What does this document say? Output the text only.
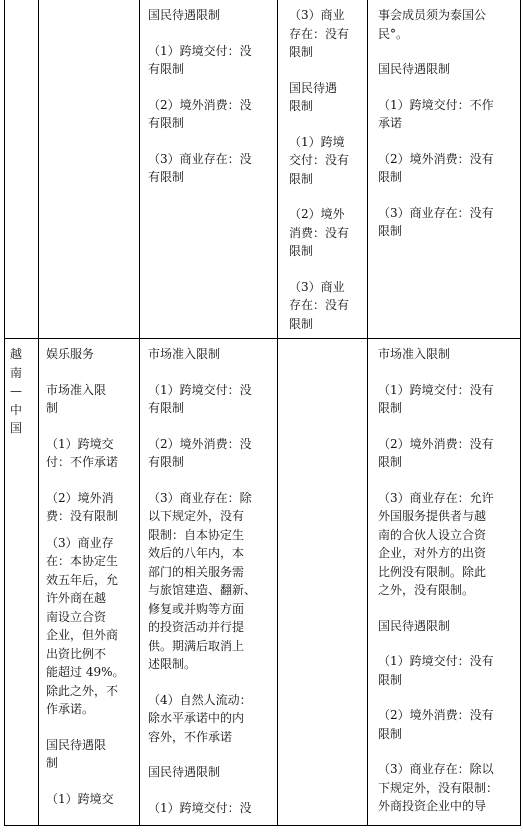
国民待遇限制

（1）跨境交付：没
有限制

（2）境外消费：没
有限制

（3）商业存在：没
有限制

（3）商业
存在：没有
限制

国民待遇
限制

（1）跨境
交付：没有
限制

（2）境外
消费：没有
限制

（3）商业
存在：没有
限制

事会成员须为泰国公
民°。

国民待遇限制

（1）跨境交付：不作
承诺

（2）境外消费：没有
限制

（3）商业存在：没有
限制

越
南
—
中
国

娱乐服务

市场准入限
制

（1）跨境交
付：不作承诺

（2）境外消
费：没有限制

（3）商业存
在：本协定生
效五年后，允
许外商在越
南设立合资
企业，但外商
出资比例不
能超过 49%。
除此之外，不
作承诺。

国民待遇限
制

（1）跨境交

市场准入限制

（1）跨境交付：没
有限制

（2）境外消费：没
有限制

（3）商业存在：除
以下规定外，没有
限制：自本协定生
效后的八年内，本
部门的相关服务需
与旅馆建造、翻新、
修复或并购等方面
的投资活动并行提
供。期满后取消上
述限制。

（4）自然人流动：
除水平承诺中的内
容外，不作承诺

国民待遇限制

（1）跨境交付：没

市场准入限制

（1）跨境交付：没有
限制

（2）境外消费：没有
限制

（3）商业存在：允许
外国服务提供者与越
南的合伙人设立合资
企业，对外方的出资
比例没有限制。除此
之外，没有限制。

国民待遇限制

（1）跨境交付：没有
限制

（2）境外消费：没有
限制

（3）商业存在：除以
下规定外，没有限制：
外商投资企业中的导
